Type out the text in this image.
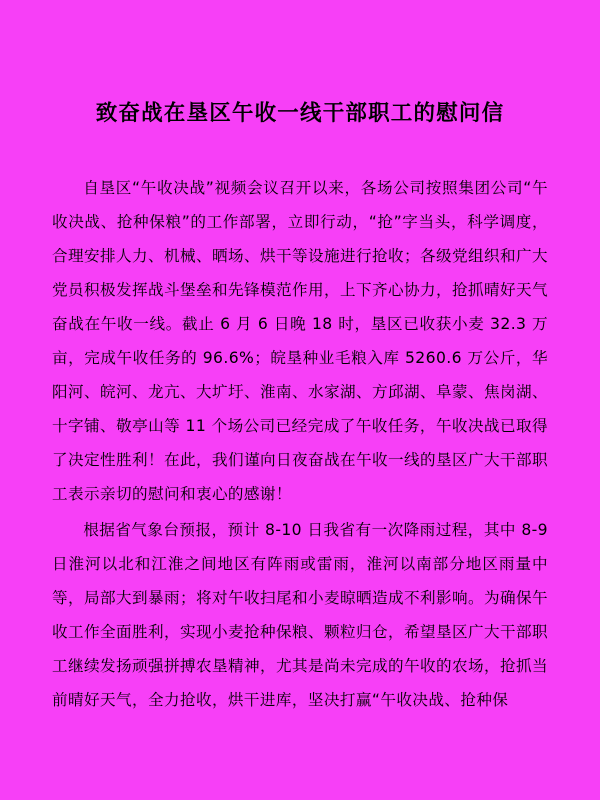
致奋战在垦区午收一线干部职工的慰问信

自垦区“午收决战”视频会议召开以来，各场公司按照集团公司“午收决战、抢种保粮”的工作部署，立即行动，“抢”字当头，科学调度，合理安排人力、机械、晒场、烘干等设施进行抢收；各级党组织和广大党员积极发挥战斗堡垒和先锋模范作用，上下齐心协力，抢抓晴好天气奋战在午收一线。截止 6 月 6 日晚 18 时，垦区已收获小麦 32.3 万亩，完成午收任务的 96.6%；皖垦种业毛粮入库 5260.6 万公斤，华阳河、皖河、龙亢、大圹圩、淮南、水家湖、方邱湖、阜蒙、焦岗湖、十字铺、敬亭山等 11 个场公司已经完成了午收任务，午收决战已取得了决定性胜利！在此，我们谨向日夜奋战在午收一线的垦区广大干部职工表示亲切的慰问和衷心的感谢！

根据省气象台预报，预计 8-10 日我省有一次降雨过程，其中 8-9 日淮河以北和江淮之间地区有阵雨或雷雨，淮河以南部分地区雨量中等，局部大到暴雨；将对午收扫尾和小麦晾晒造成不利影响。为确保午收工作全面胜利，实现小麦抢种保粮、颗粒归仓，希望垦区广大干部职工继续发扬顽强拼搏农垦精神，尤其是尚未完成的午收的农场，抢抓当前晴好天气，全力抢收，烘干进库，坚决打赢“午收决战、抢种保
